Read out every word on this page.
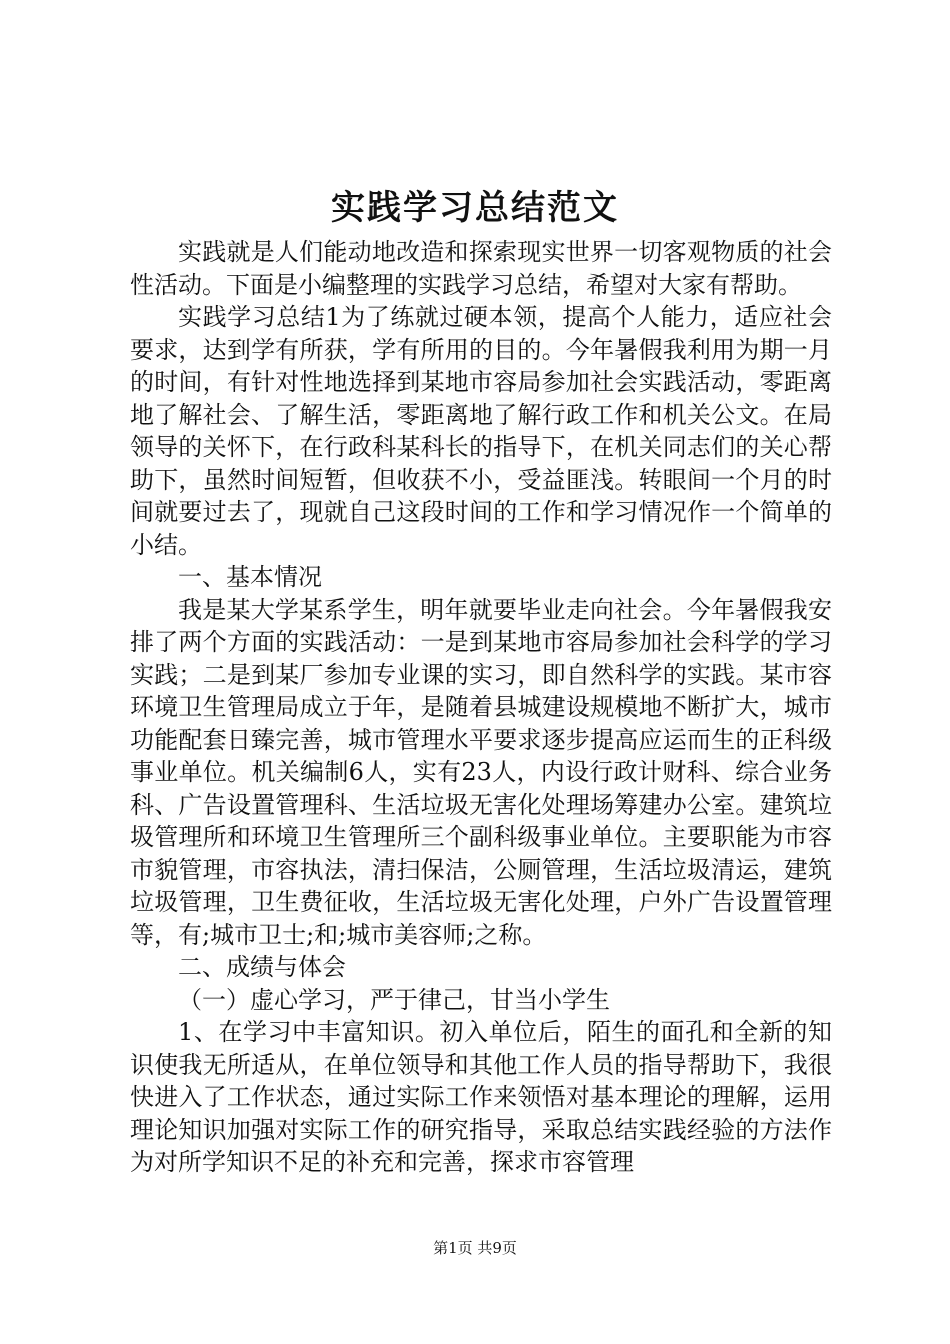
实践学习总结范文

实践就是人们能动地改造和探索现实世界一切客观物质的社会性活动。下面是小编整理的实践学习总结，希望对大家有帮助。

实践学习总结1为了练就过硬本领，提高个人能力，适应社会要求，达到学有所获，学有所用的目的。今年暑假我利用为期一月的时间，有针对性地选择到某地市容局参加社会实践活动，零距离地了解社会、了解生活，零距离地了解行政工作和机关公文。在局领导的关怀下，在行政科某科长的指导下，在机关同志们的关心帮助下，虽然时间短暂，但收获不小，受益匪浅。转眼间一个月的时间就要过去了，现就自己这段时间的工作和学习情况作一个简单的小结。

一、基本情况

我是某大学某系学生，明年就要毕业走向社会。今年暑假我安排了两个方面的实践活动：一是到某地市容局参加社会科学的学习实践；二是到某厂参加专业课的实习，即自然科学的实践。某市容环境卫生管理局成立于年，是随着县城建设规模地不断扩大，城市功能配套日臻完善，城市管理水平要求逐步提高应运而生的正科级事业单位。机关编制6人，实有23人，内设行政计财科、综合业务科、广告设置管理科、生活垃圾无害化处理场筹建办公室。建筑垃圾管理所和环境卫生管理所三个副科级事业单位。主要职能为市容市貌管理，市容执法，清扫保洁，公厕管理，生活垃圾清运，建筑垃圾管理，卫生费征收，生活垃圾无害化处理，户外广告设置管理等，有;城市卫士;和;城市美容师;之称。

二、成绩与体会

（一）虚心学习，严于律己，甘当小学生

1、在学习中丰富知识。初入单位后，陌生的面孔和全新的知识使我无所适从，在单位领导和其他工作人员的指导帮助下，我很快进入了工作状态，通过实际工作来领悟对基本理论的理解，运用理论知识加强对实际工作的研究指导，采取总结实践经验的方法作为对所学知识不足的补充和完善，探求市容管理

第1页 共9页
